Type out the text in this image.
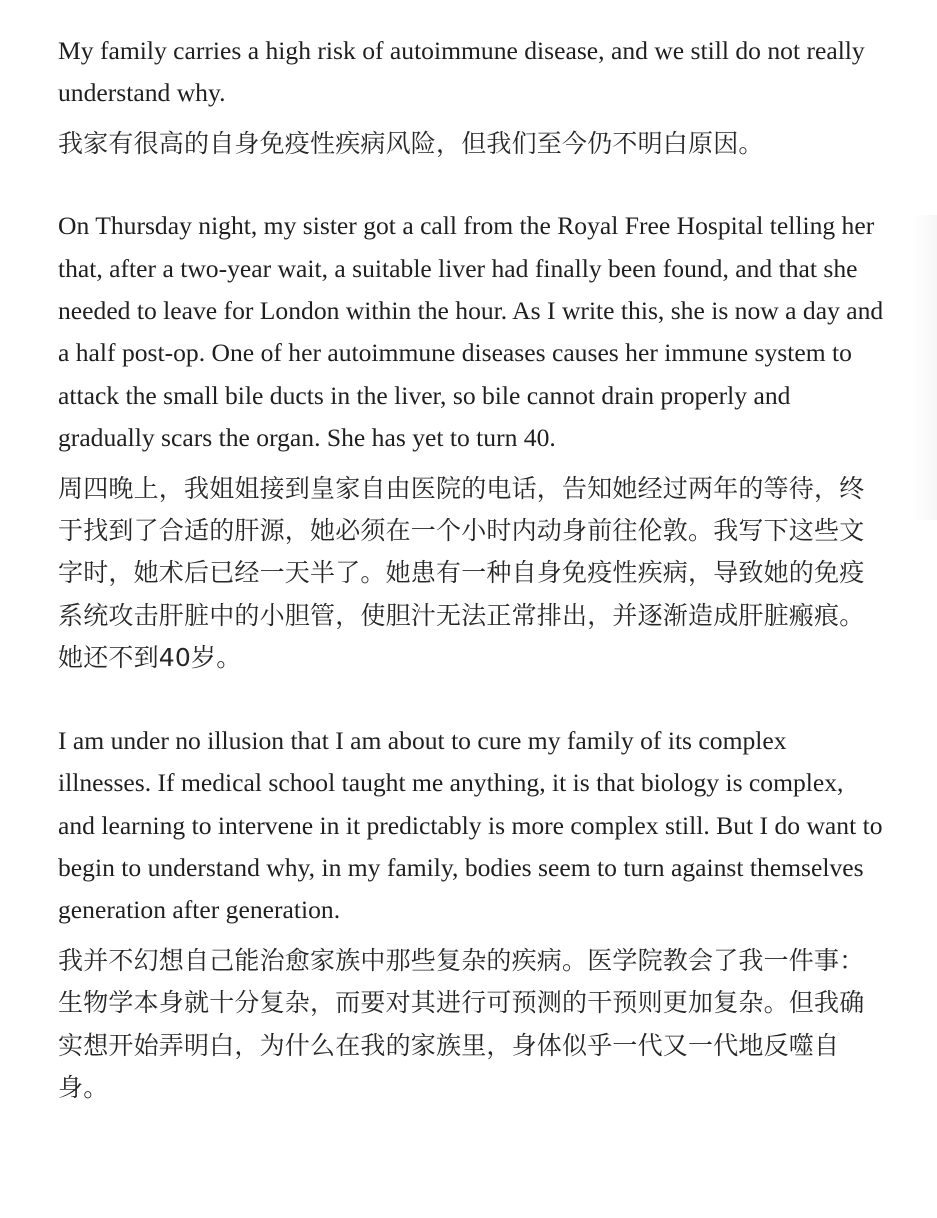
My family carries a high risk of autoimmune disease, and we still do not really understand why.

我家有很高的自身免疫性疾病风险，但我们至今仍不明白原因。

On Thursday night, my sister got a call from the Royal Free Hospital telling her that, after a two-year wait, a suitable liver had finally been found, and that she needed to leave for London within the hour. As I write this, she is now a day and a half post-op. One of her autoimmune diseases causes her immune system to attack the small bile ducts in the liver, so bile cannot drain properly and gradually scars the organ. She has yet to turn 40.

周四晚上，我姐姐接到皇家自由医院的电话，告知她经过两年的等待，终于找到了合适的肝源，她必须在一个小时内动身前往伦敦。我写下这些文字时，她术后已经一天半了。她患有一种自身免疫性疾病，导致她的免疫系统攻击肝脏中的小胆管，使胆汁无法正常排出，并逐渐造成肝脏瘢痕。她还不到40岁。

I am under no illusion that I am about to cure my family of its complex illnesses. If medical school taught me anything, it is that biology is complex, and learning to intervene in it predictably is more complex still. But I do want to begin to understand why, in my family, bodies seem to turn against themselves generation after generation.

我并不幻想自己能治愈家族中那些复杂的疾病。医学院教会了我一件事：生物学本身就十分复杂，而要对其进行可预测的干预则更加复杂。但我确实想开始弄明白，为什么在我的家族里，身体似乎一代又一代地反噬自身。
